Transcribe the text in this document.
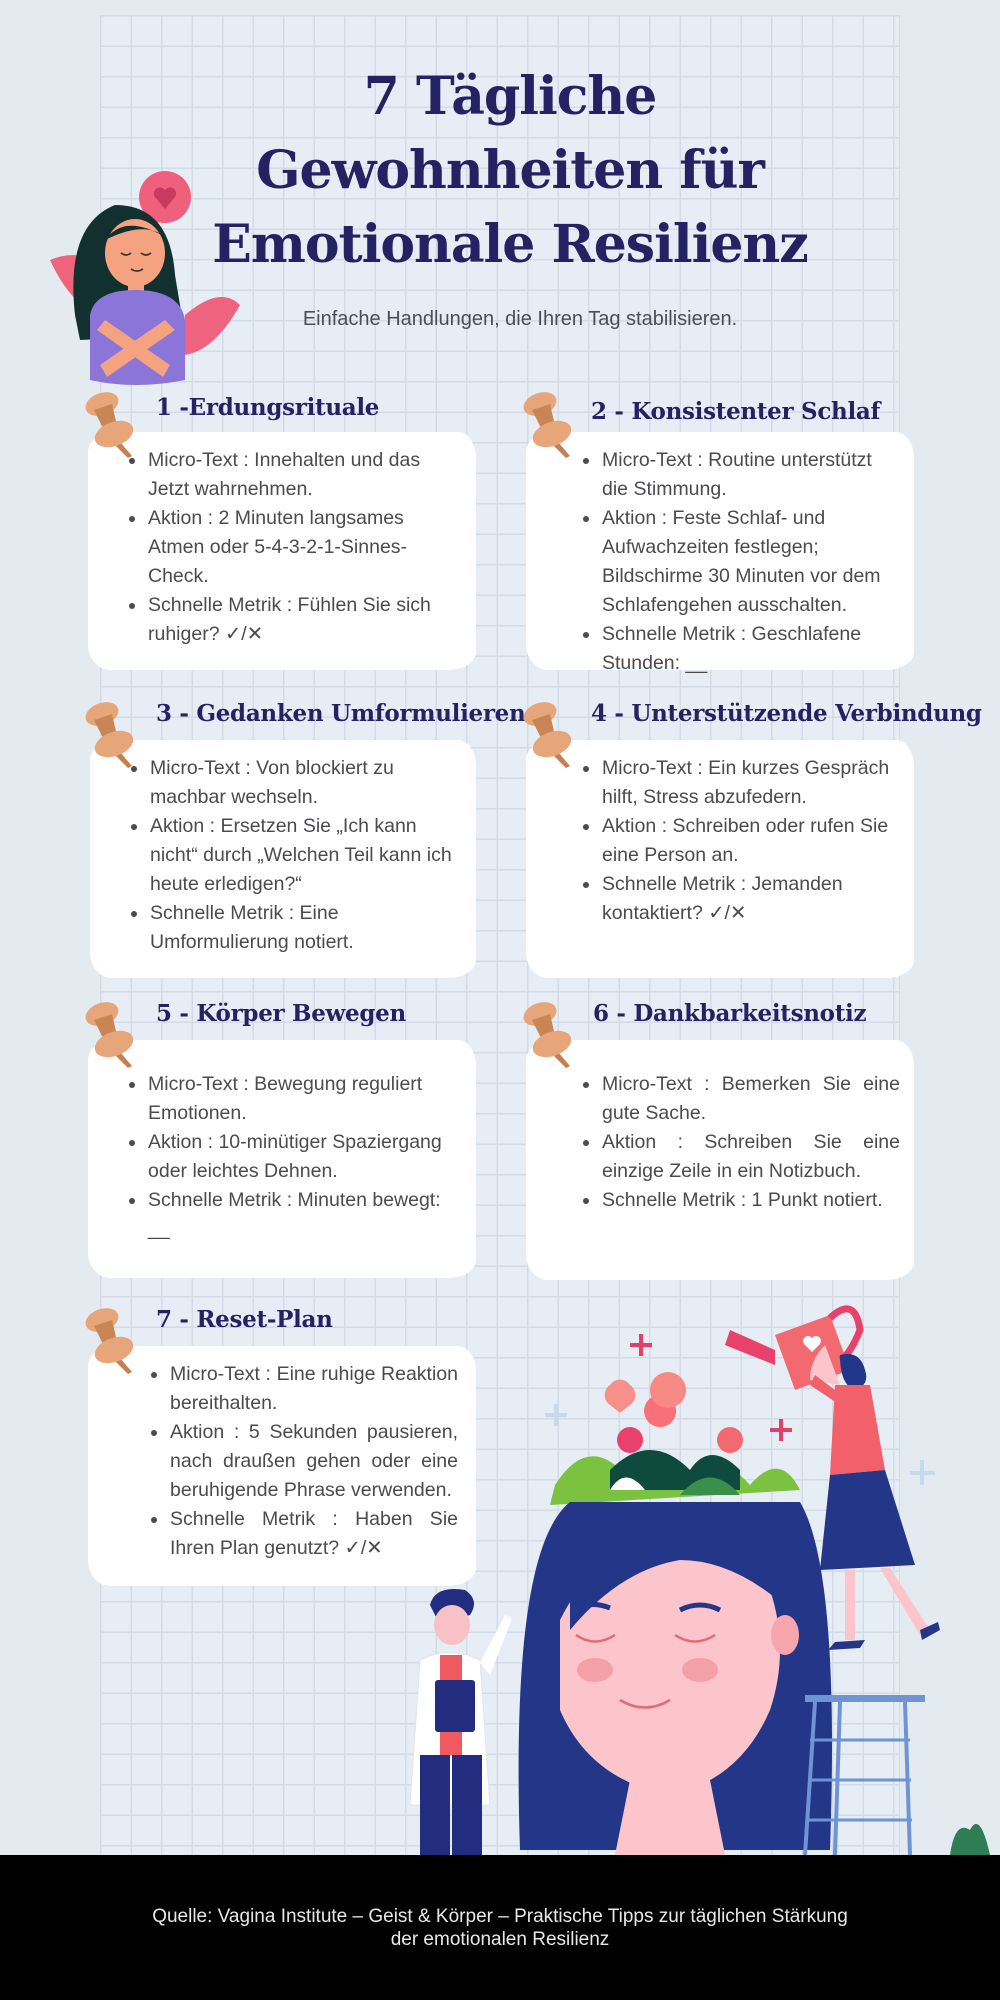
7 Tägliche
Gewohnheiten für
Emotionale Resilienz
Einfache Handlungen, die Ihren Tag stabilisieren.
1 -Erdungsrituale
Micro-Text : Innehalten und das Jetzt wahrnehmen.
Aktion : 2 Minuten langsames Atmen oder 5-4-3-2-1-Sinnes-Check.
Schnelle Metrik : Fühlen Sie sich ruhiger? ✓/✕
2 - Konsistenter Schlaf
Micro-Text : Routine unterstützt die Stimmung.
Aktion : Feste Schlaf- und Aufwachzeiten festlegen; Bildschirme 30 Minuten vor dem Schlafengehen ausschalten.
Schnelle Metrik : Geschlafene Stunden: __
3 - Gedanken Umformulieren
Micro-Text : Von blockiert zu machbar wechseln.
Aktion : Ersetzen Sie „Ich kann nicht“ durch „Welchen Teil kann ich heute erledigen?“
Schnelle Metrik : Eine Umformulierung notiert.
4 - Unterstützende Verbindung
Micro-Text : Ein kurzes Gespräch hilft, Stress abzufedern.
Aktion : Schreiben oder rufen Sie eine Person an.
Schnelle Metrik : Jemanden kontaktiert? ✓/✕
5 - Körper Bewegen
Micro-Text : Bewegung reguliert Emotionen.
Aktion : 10-minütiger Spaziergang oder leichtes Dehnen.
Schnelle Metrik : Minuten bewegt: __
6 - Dankbarkeitsnotiz
Micro-Text : Bemerken Sie eine gute Sache.
Aktion : Schreiben Sie eine einzige Zeile in ein Notizbuch.
Schnelle Metrik : 1 Punkt notiert.
7 - Reset-Plan
Micro-Text : Eine ruhige Reaktion bereithalten.
Aktion : 5 Sekunden pausieren, nach draußen gehen oder eine beruhigende Phrase verwenden.
Schnelle Metrik : Haben Sie Ihren Plan genutzt? ✓/✕
Quelle: Vagina Institute – Geist & Körper – Praktische Tipps zur täglichen Stärkung
der emotionalen Resilienz
